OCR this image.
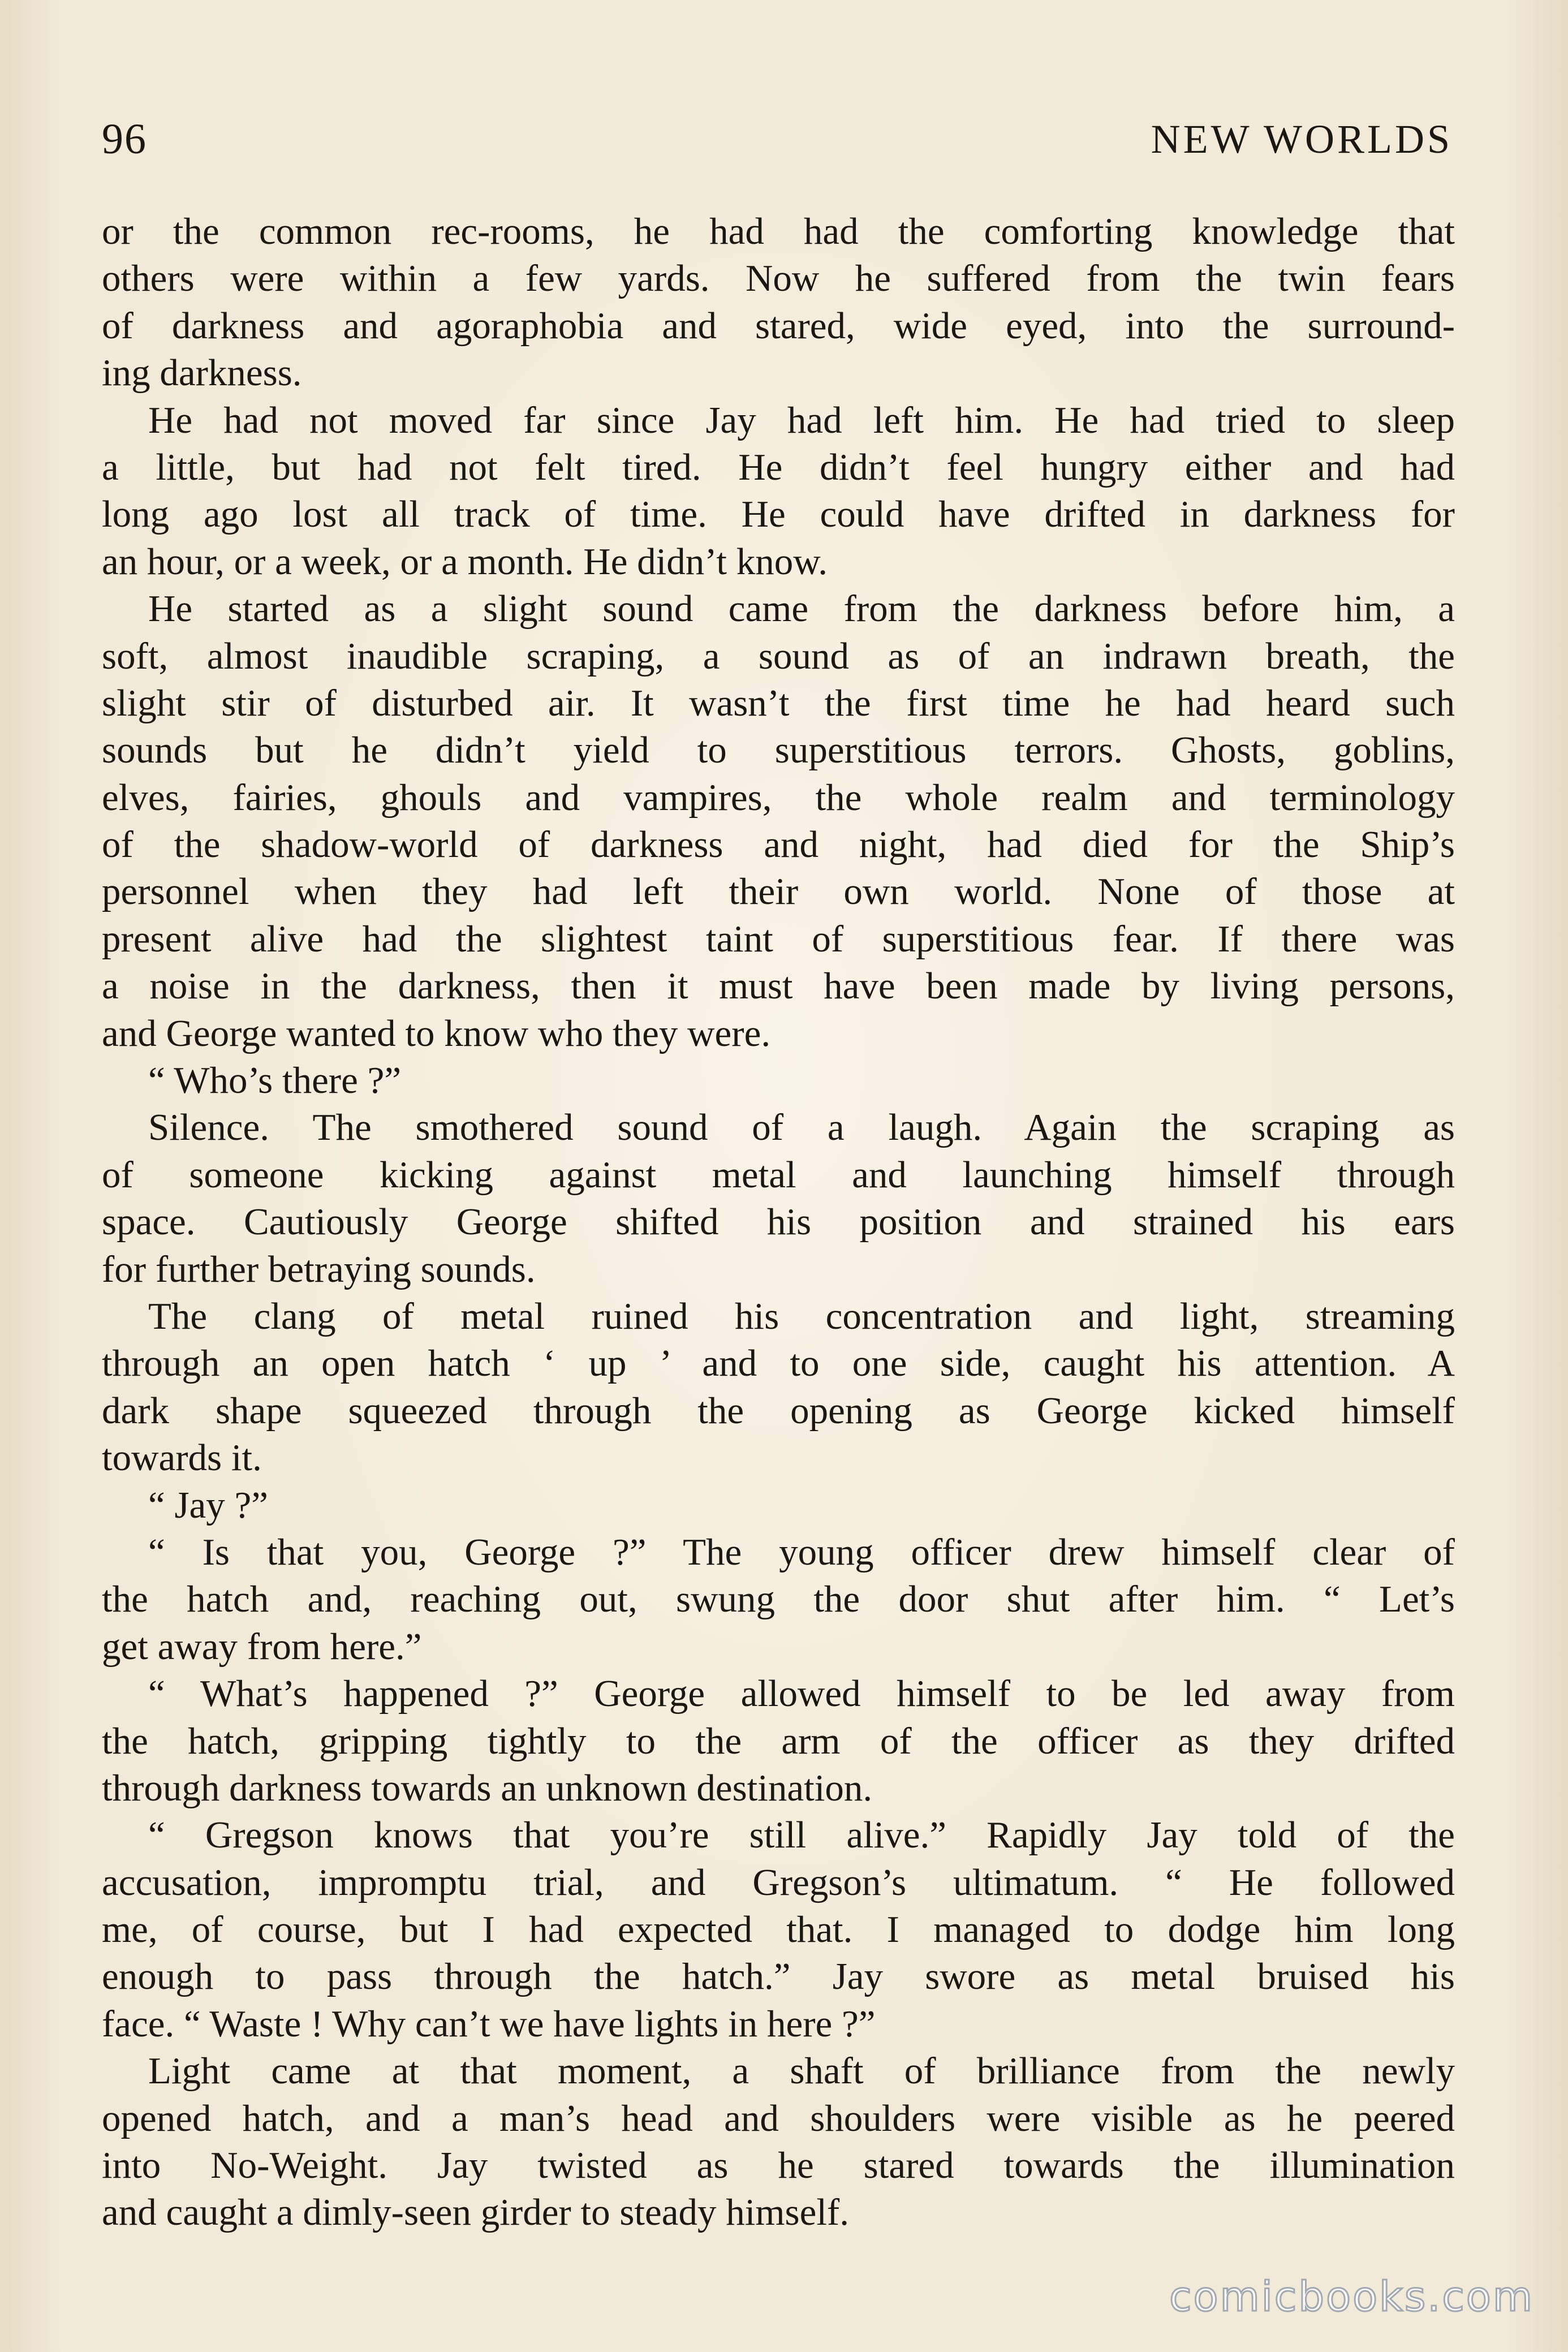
96	NEW WORLDS
or the common rec-rooms, he had had the comforting knowledge that
others were within a few yards. Now he suffered from the twin fears
of darkness and agoraphobia and stared, wide eyed, into the surround-
ing darkness.
He had not moved far since Jay had left him. He had tried to sleep
a little, but had not felt tired. He didn’t feel hungry either and had
long ago lost all track of time. He could have drifted in darkness for
an hour, or a week, or a month. He didn’t know.
He started as a slight sound came from the darkness before him, a
soft, almost inaudible scraping, a sound as of an indrawn breath, the
slight stir of disturbed air. It wasn’t the first time he had heard such
sounds but he didn’t yield to superstitious terrors. Ghosts, goblins,
elves, fairies, ghouls and vampires, the whole realm and terminology
of the shadow-world of darkness and night, had died for the Ship’s
personnel when they had left their own world. None of those at
present alive had the slightest taint of superstitious fear. If there was
a noise in the darkness, then it must have been made by living persons,
and George wanted to know who they were.
“ Who’s there ?”
Silence. The smothered sound of a laugh. Again the scraping as
of someone kicking against metal and launching himself through
space. Cautiously George shifted his position and strained his ears
for further betraying sounds.
The clang of metal ruined his concentration and light, streaming
through an open hatch ‘ up ’ and to one side, caught his attention. A
dark shape squeezed through the opening as George kicked himself
towards it.
“ Jay ?”
“ Is that you, George ?” The young officer drew himself clear of
the hatch and, reaching out, swung the door shut after him. “ Let’s
get away from here.”
“ What’s happened ?” George allowed himself to be led away from
the hatch, gripping tightly to the arm of the officer as they drifted
through darkness towards an unknown destination.
“ Gregson knows that you’re still alive.” Rapidly Jay told of the
accusation, impromptu trial, and Gregson’s ultimatum. “ He followed
me, of course, but I had expected that. I managed to dodge him long
enough to pass through the hatch.” Jay swore as metal bruised his
face. “ Waste ! Why can’t we have lights in here ?”
Light came at that moment, a shaft of brilliance from the newly
opened hatch, and a man’s head and shoulders were visible as he peered
into No-Weight. Jay twisted as he stared towards the illumination
and caught a dimly-seen girder to steady himself.
comicbooks.com
